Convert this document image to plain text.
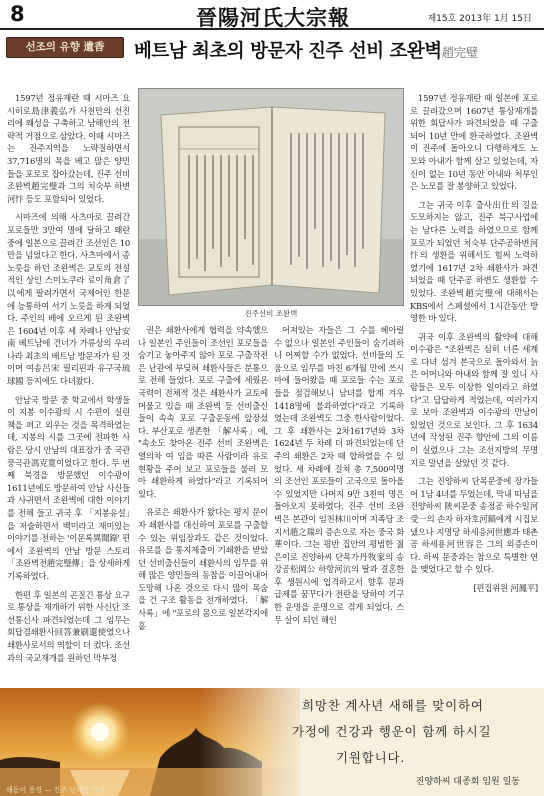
8	晉陽河氏大宗報	제15호 2013年 1月 15日
선조의 유향 遺香	베트남 최초의 방문자 진주 선비 조완벽趙完璧

1597년 정유재란 때 시마즈 요시히로島津義弘가 사천만의 선진리에 왜성을 구축하고 남해안의 전략적 거점으로 삼았다. 이때 시마즈는 진주지역을 노략질하면서 37,716명의 목을 베고 많은 양민들을 포로로 잡아갔는데, 진주 선비 조완벽趙完璧과 그의 처숙부 하변河忭 등도 포함되어 있었다.

시마즈에 의해 사츠마로 끌려간 포로들만 3만여 명에 달하고 왜란 중에 일본으로 끌려간 조선인은 10만을 넘었다고 한다. 사츠마에서 종노릇을 하던 조완벽은 교토의 전설적인 상인 스미노쿠라 료이角倉了以에게 팔려가면서 국제어인 한문에 능통하여 서기 노릇을 하게 되었다. 주인의 배에 오르게 된 조완벽은 1604년 이후 세 차례나 안남安南 베트남에 건너가 가류상의 우리나라 최초의 베트남 방문자가 된 것이며 여송呂宋 필리핀과 유구국琉球國 등지에도 다녀왔다.

안남국 방문 중 학교에서 학생들이 지봉 이수광의 시 수편이 실린 책을 펴고 외우는 것을 목격하였는데, 지봉의 시를 그곳에 전파한 사람은 당시 안남의 대표장가 중 국관 풍극관馮克寬이었다고 한다. 두 번째 북경을 방문했던 이수광이 1611년에도 방문하여 안남 사신들과 사귀면서 조완벽에 대한 이야기를 전해 들고 귀국 후 「지봉유설」을 저술하면서 백미라고 재미있는 이야기를 전하는 '이문록異聞錄' 편에서 조완벽의 안남 방문 스토리 「조완벽전趙完璧傳」을 상세하게 기록하였다.

한편 후 일본의 곤질긴 통상 요구로 통상을 재개하기 위한 사신단 조선통신사 파견되었는데 그 임무는 회답겸쇄환사回答兼刷還使였으나 쇄환사로서의 역할이 더 컸다. 조선과의 국교재개를 원하던 막부정

진주선비 조완벽

권은 쇄환사에게 협력을 약속했으나 일본인 주인들이 조선인 포로들을 숨기고 놓아주지 않아 포로 구출작전은 난관에 부딪혀 쇄환사들은 분통으로 전해 들었다. 포로 구출에 세웠온 국력이 전체적 것은 쇄환사가 교토에 머물고 있을 때 조완벽 등 선비출신들이 속속 포로 구출운동에 앞장섰다. 부산포로 생존한 「解사록」에, "속소도 찾아온 진주 선비 조완벽은 열의차 여 임을 따른 사람이라 유로 현황을 주어 보고 포로들을 불러 모아 쇄환하게 하였다"라고 기록되어 있다.

유로은 쇄환사가 왔다는 평지 문이자 쇄환사를 대신하여 포로를 구출할 수 있는 위임장과도 같은 것이었다. 유로를 을 통지제출이 기쇄환을 받았던 선비출신들이 쇄환사의 임무를 위해 많은 양민들의 동참을 이끌어내어 도망해 나온 것으로 다시 많이 목숨을 건 구조 활동을 전개하였다. 「解사록」에 "포로의 몸으로 일본각지에 흩

어져있는 자들은 그 수를 헤아릴 수 없으나 일본인 주인들이 숨기려하니 어찌할 수가 없었다. 선비들의 도움으로 임무를 마친 6개월 만에 쓰시마에 들어왔을 때 포로들 수는 포로들을 점검해보니 남녀를 합계 겨우 1418명에 불과하였다"라고 기록하였는데 조완벽도 그중 한사람이었다. 그 후 쇄환사는 2차1617년와 3차1624년 두 차례 더 파견되었는데 단주의 쇄환은 2차 때 합하였을 수 있었다. 세 차례에 걸쳐 총 7,500여명의 조선인 포로들이 고국으로 돌아올 수 있었지만 나머지 9만 3천여 명은 돌아오지 못하였다. 진주 선비 조완벽은 본관이 임천林川이며 지족당 조지서趙之瑞의 증손으로 자는 중국 화華이다. 그는 평반 집안의 평범한 젊은이로 진양하씨 단목가丹牧家의 송강공松岡公 하항河沆의 딸과 결혼한 후 생원시에 입격하고서 향후 문과 급제를 꿈꾸다가 전란을 당하여 기구한 운명을 운명으로 겪게 되었다. 스무 살이 되던 해인

1597년 정유재란 때 일본에 포로로 끌려갔으며 1607년 통상재개를 위한 회답사가 파견되었을 때 구출되어 10년 만에 환국하였다. 조완벽이 진주에 돌아오니 다행하게도 노모와 아내가 함께 살고 있었는데, 자신이 없는 10년 동안 아내와 처부인은 노모를 잘 봉양하고 있었다.

그는 귀국 이후 출사出仕의 길을 도모하지는 않고, 진주 북구사업에는 남다른 노력을 하였으므로 함께 포로가 되었던 처숙부 단주공하변河忭의 생환을 위해서도 힘써 노력하였기에 1617년 2차 쇄환사가 파견되었을 때 단주공 하변도 생환할 수 있었다. 조완벽趙完璧에 대해서는 KBS에서 스페셜에서 1시간동안 방영한 바 있다.

귀국 이후 조완벽의 활약에 대해 이수광은 "조완벽은 심히 너른 세계로 다녀 섬겨 본국으로 돌아와서 늙은 어머니와 아내와 함께 잘 있니 사람들은 모두 이상한 일이라고 하였다"고 답답하게 적었는데, 여러가지로 보아 조완벽과 이수광의 만남이 있었던 것으로 보인다. 그 후 1634년에 작성된 진주 향안에 그의 이름이 실렸으나 그는 조선지방의 무명지로 말년을 살았던 것 같다.

그는 진양하씨 단목문중에 장가들어 1남 4녀를 두었는데, 막내 따님을 진양하씨 陝씨문중 송정공 하수일河受一의 손자 하자호河鎬에게 시집보냈으나 지명당 하세응河世應과 태촌공 하세용河世容은 그의 외증손이다. 하씨 문중과는 참으로 특별한 연을 맺었다고 할 수 있다.

[편집위원 河鳳平]
희망찬 계사년 새해를 맞이하여
가정에 건강과 행운이 함께 하시길
기원합니다.
진양하씨 대종회 임원 일동
해돋이 풍경 — 진주 남해안 일출
